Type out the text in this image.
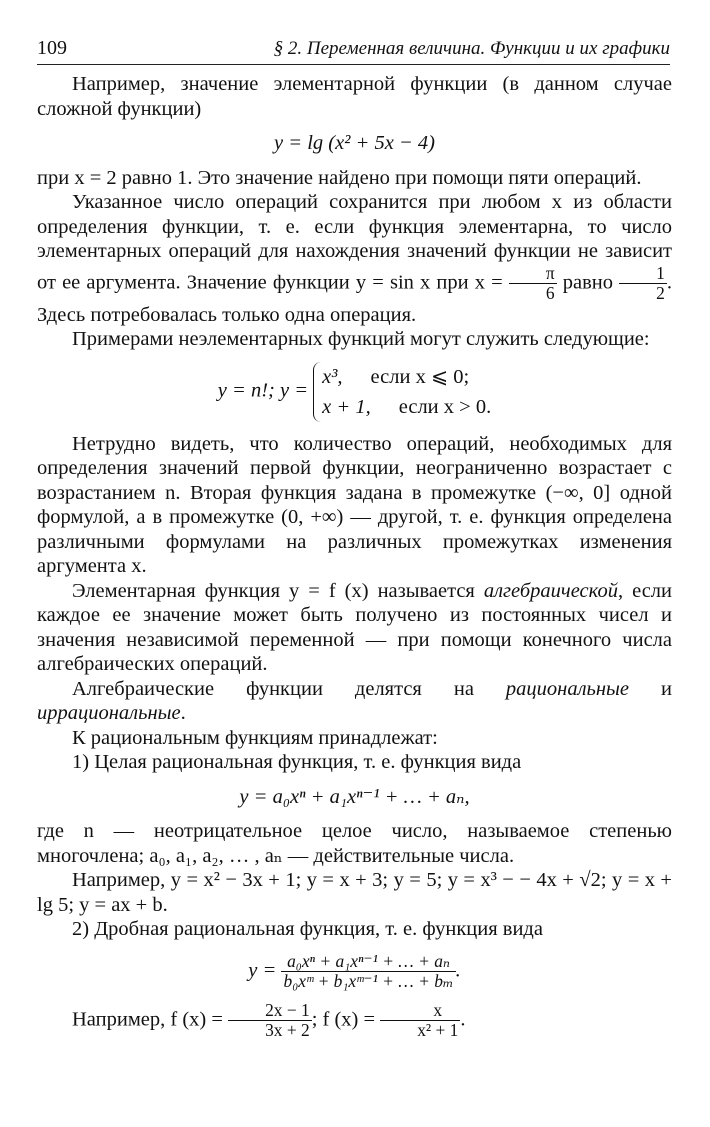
109	§ 2. Переменная величина. Функции и их графики

Например, значение элементарной функции (в данном случае сложной функции)

y = lg (x² + 5x − 4)

при x = 2 равно 1. Это значение найдено при помощи пяти операций.

Указанное число операций сохранится при любом x из области определения функции, т. е. если функция элементарна, то число элементарных операций для нахождения значений функции не зависит от ее аргумента. Значение функции y = sin x при $x = \frac{\pi}{6}$ равно $\frac{1}{2}$ . Здесь потребовалась только одна операция.

Примерами неэлементарных функций могут служить следующие:

y = n!; y =
x³, если x ⩽ 0;
x + 1, если x > 0.

Нетрудно видеть, что количество операций, необходимых для определения значений первой функции, неограниченно возрастает с возрастанием n. Вторая функция задана в промежутке (−∞, 0] одной формулой, а в промежутке (0, +∞) — другой, т. е. функция определена различными формулами на различных промежутках изменения аргумента x.

Элементарная функция y = f (x) называется алгебраической, если каждое ее значение может быть получено из постоянных чисел и значения независимой переменной — при помощи конечного числа алгебраических операций.

Алгебраические функции делятся на рациональные и иррациональные.

К рациональным функциям принадлежат:

1) Целая рациональная функция, т. е. функция вида

y = a₀xⁿ + a₁xⁿ⁻¹ + … + aₙ,

где n — неотрицательное целое число, называемое степенью многочлена; a₀, a₁, a₂, … , aₙ — действительные числа.

Например, y = x² − 3x + 1; y = x + 3; y = 5; y = x³ − − 4x + √2; y = x + lg 5; y = ax + b.

2) Дробная рациональная функция, т. е. функция вида

$y = \frac{\text{a₀xⁿ + a₁xⁿ⁻¹ + … + aₙ}}{\text{b₀xᵐ + b₁xᵐ⁻¹ + … + bₘ}}$ .

Например, f $(x) = \frac{2x - 1}{3x + 2}$ ; f $(x) = \frac{x}{\text{x² + 1}}$ .
